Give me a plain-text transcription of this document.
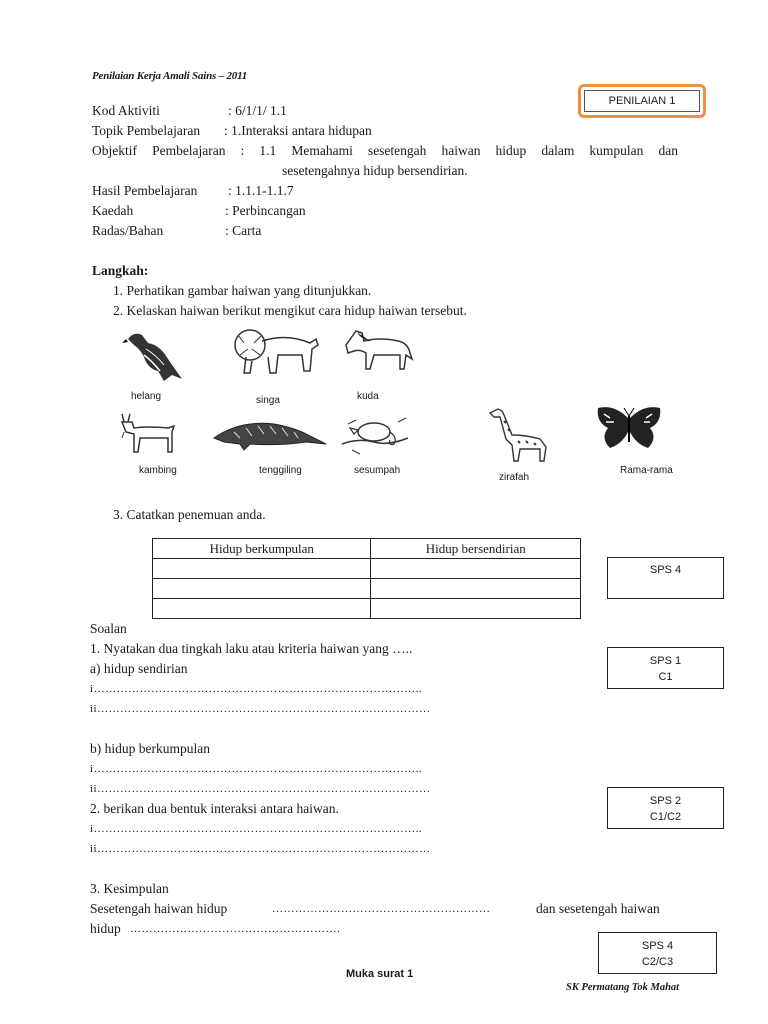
Penilaian Kerja Amali Sains – 2011
PENILAIAN 1
Kod Aktiviti	: 6/1/1/ 1.1
Topik Pembelajaran : 1.Interaksi antara hidupan
Objektif Pembelajaran : 1.1 Memahami sesetengah haiwan hidup dalam kumpulan dan
sesetengahnya hidup bersendirian.
Hasil Pembelajaran : 1.1.1-1.1.7
Kaedah	: Perbincangan
Radas/Bahan	: Carta
Langkah:
1. Perhatikan gambar haiwan yang ditunjukkan.
2. Kelaskan haiwan berikut mengikut cara hidup haiwan tersebut.
helang	singa	kuda
kambing	tenggiling	sesumpah
zirafah
Rama-rama
3. Catatkan penemuan anda.
Hidup berkumpulan	Hidup bersendirian

SPS 4
SPS 1
C1
SPS 2
C1/C2
SPS 4
C2/C3
Soalan
1. Nyatakan dua tingkah laku atau kriteria haiwan yang …..
a) hidup sendirian
i…………………………………………………………………………..
ii……………………………………………………………………………
b) hidup berkumpulan
i…………………………………………………………………………..
ii……………………………………………………………………………
2. berikan dua bentuk interaksi antara haiwan.
i…………………………………………………………………………..
ii……………………………………………………………………………
3. Kesimpulan
Sesetengah haiwan hidup	…………………………………………………	dan sesetengah haiwan
hidup ……………………………………………….
Muka surat 1
SK Permatang Tok Mahat
